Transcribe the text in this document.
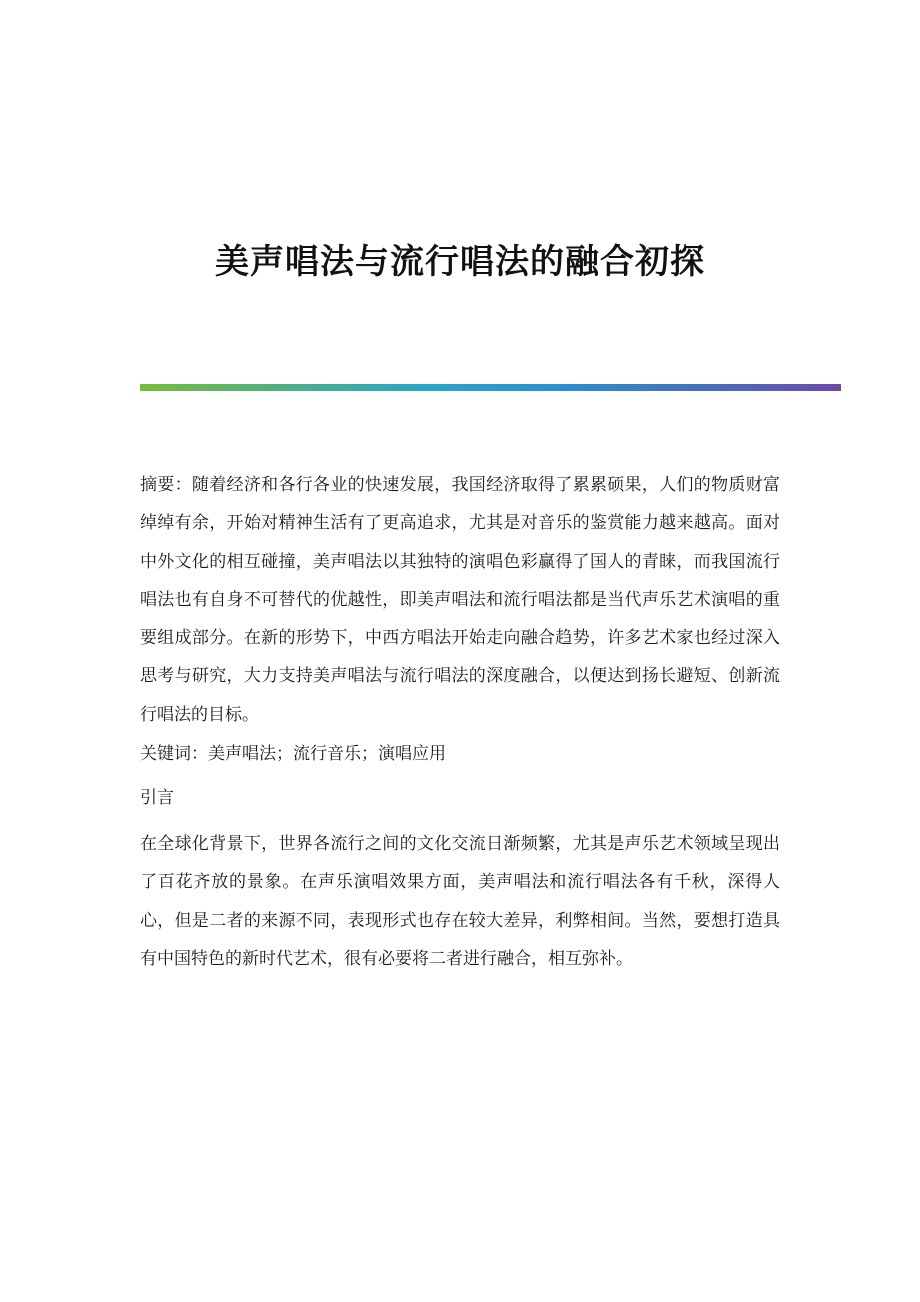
美声唱法与流行唱法的融合初探

摘要：随着经济和各行各业的快速发展，我国经济取得了累累硕果，人们的物质财富绰绰有余，开始对精神生活有了更高追求，尤其是对音乐的鉴赏能力越来越高。面对中外文化的相互碰撞，美声唱法以其独特的演唱色彩赢得了国人的青睐，而我国流行唱法也有自身不可替代的优越性，即美声唱法和流行唱法都是当代声乐艺术演唱的重要组成部分。在新的形势下，中西方唱法开始走向融合趋势，许多艺术家也经过深入思考与研究，大力支持美声唱法与流行唱法的深度融合，以便达到扬长避短、创新流行唱法的目标。

关键词：美声唱法；流行音乐；演唱应用

引言

在全球化背景下，世界各流行之间的文化交流日渐频繁，尤其是声乐艺术领域呈现出了百花齐放的景象。在声乐演唱效果方面，美声唱法和流行唱法各有千秋，深得人心，但是二者的来源不同，表现形式也存在较大差异，利弊相间。当然，要想打造具有中国特色的新时代艺术，很有必要将二者进行融合，相互弥补。
